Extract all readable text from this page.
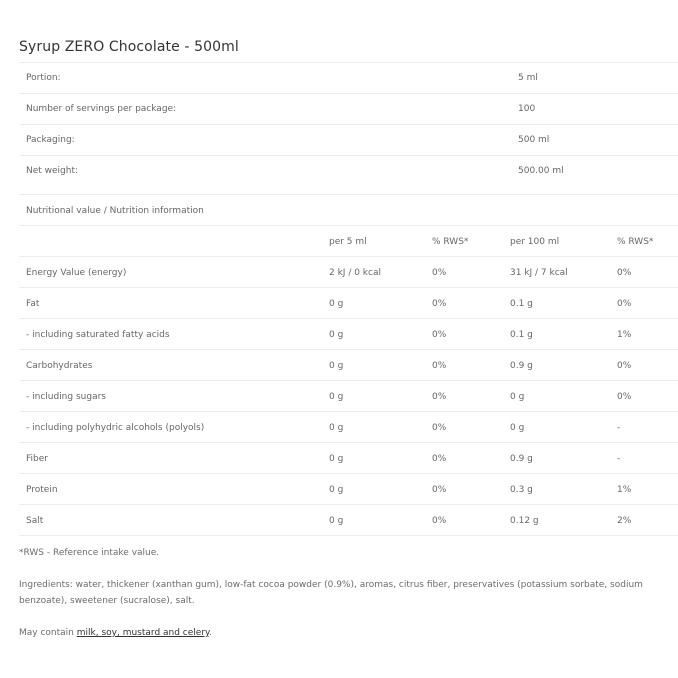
Syrup ZERO Chocolate - 500ml
Portion:	5 ml
Number of servings per package:	100
Packaging:	500 ml
Net weight:	500.00 ml
Nutritional value / Nutrition information
per 5 ml	% RWS*	per 100 ml	% RWS*
Energy Value (energy)	2 kJ / 0 kcal	0%	31 kJ / 7 kcal	0%
Fat	0 g	0%	0.1 g	0%
- including saturated fatty acids	0 g	0%	0.1 g	1%
Carbohydrates	0 g	0%	0.9 g	0%
- including sugars	0 g	0%	0 g	0%
- including polyhydric alcohols (polyols)	0 g	0%	0 g	-
Fiber	0 g	0%	0.9 g	-
Protein	0 g	0%	0.3 g	1%
Salt	0 g	0%	0.12 g	2%
*RWS - Reference intake value.
Ingredients: water, thickener (xanthan gum), low-fat cocoa powder (0.9%), aromas, citrus fiber, preservatives (potassium sorbate, sodium benzoate), sweetener (sucralose), salt.
May contain milk, soy, mustard and celery.
